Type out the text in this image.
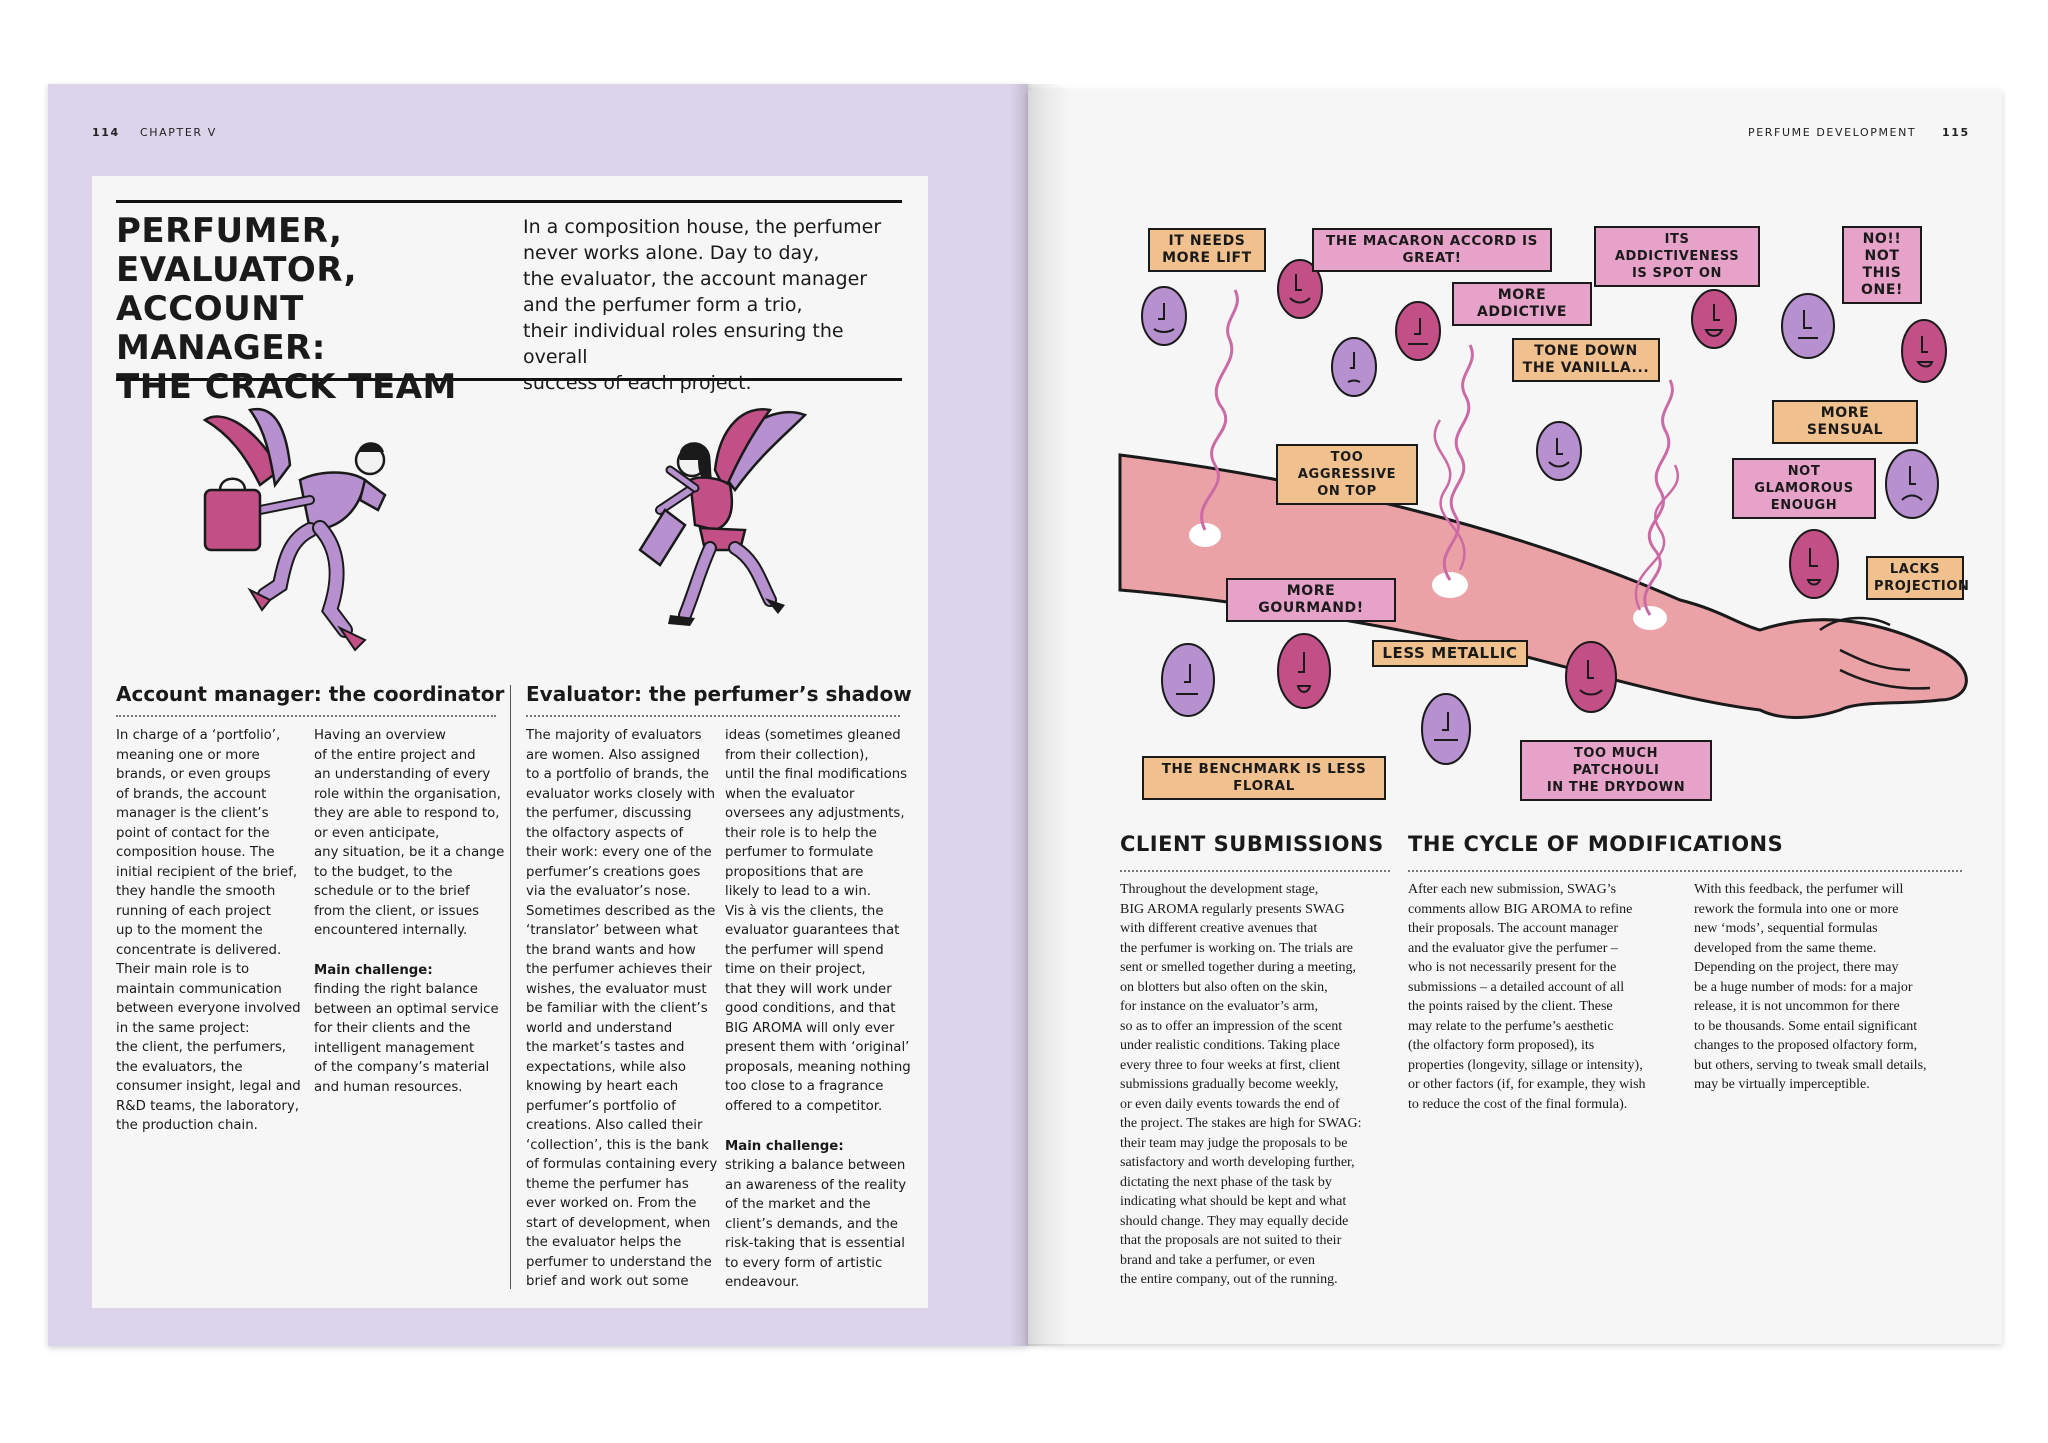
114 CHAPTER V
PERFUMER,
EVALUATOR,
ACCOUNT MANAGER:
THE CRACK TEAM
In a composition house, the perfumer
never works alone. Day to day,
the evaluator, the account manager
and the perfumer form a trio,
their individual roles ensuring the overall
success of each project.
Account manager: the coordinator
In charge of a ‘portfolio’,
meaning one or more
brands, or even groups
of brands, the account
manager is the client’s
point of contact for the
composition house. The
initial recipient of the brief,
they handle the smooth
running of each project
up to the moment the
concentrate is delivered.
Their main role is to
maintain communication
between everyone involved
in the same project:
the client, the perfumers,
the evaluators, the
consumer insight, legal and
R&D teams, the laboratory,
the production chain.
Having an overview
of the entire project and
an understanding of every
role within the organisation,
they are able to respond to,
or even anticipate,
any situation, be it a change
to the budget, to the
schedule or to the brief
from the client, or issues
encountered internally.
Main challenge:
finding the right balance
between an optimal service
for their clients and the
intelligent management
of the company’s material
and human resources.
Evaluator: the perfumer’s shadow
The majority of evaluators
are women. Also assigned
to a portfolio of brands, the
evaluator works closely with
the perfumer, discussing
the olfactory aspects of
their work: every one of the
perfumer’s creations goes
via the evaluator’s nose.
Sometimes described as the
‘translator’ between what
the brand wants and how
the perfumer achieves their
wishes, the evaluator must
be familiar with the client’s
world and understand
the market’s tastes and
expectations, while also
knowing by heart each
perfumer’s portfolio of
creations. Also called their
‘collection’, this is the bank
of formulas containing every
theme the perfumer has
ever worked on. From the
start of development, when
the evaluator helps the
perfumer to understand the
brief and work out some
ideas (sometimes gleaned
from their collection),
until the final modifications
when the evaluator
oversees any adjustments,
their role is to help the
perfumer to formulate
propositions that are
likely to lead to a win.
Vis à vis the clients, the
evaluator guarantees that
the perfumer will spend
time on their project,
that they will work under
good conditions, and that
BIG AROMA will only ever
present them with ‘original’
proposals, meaning nothing
too close to a fragrance
offered to a competitor.
Main challenge:
striking a balance between
an awareness of the reality
of the market and the
client’s demands, and the
risk-taking that is essential
to every form of artistic
endeavour.
PERFUME DEVELOPMENT 115
IT NEEDS
MORE LIFT
THE MACARON ACCORD IS GREAT!
ITS ADDICTIVENESS
IS SPOT ON
NO!!
NOT THIS
ONE!
MORE ADDICTIVE
TONE DOWN
THE VANILLA...
MORE SENSUAL
TOO AGGRESSIVE
ON TOP
NOT GLAMOROUS
ENOUGH
LACKS
PROJECTION
MORE GOURMAND!
LESS METALLIC
THE BENCHMARK IS LESS FLORAL
TOO MUCH PATCHOULI
IN THE DRYDOWN
CLIENT SUBMISSIONS
Throughout the development stage,
BIG AROMA regularly presents SWAG
with different creative avenues that
the perfumer is working on. The trials are
sent or smelled together during a meeting,
on blotters but also often on the skin,
for instance on the evaluator’s arm,
so as to offer an impression of the scent
under realistic conditions. Taking place
every three to four weeks at first, client
submissions gradually become weekly,
or even daily events towards the end of
the project. The stakes are high for SWAG:
their team may judge the proposals to be
satisfactory and worth developing further,
dictating the next phase of the task by
indicating what should be kept and what
should change. They may equally decide
that the proposals are not suited to their
brand and take a perfumer, or even
the entire company, out of the running.
THE CYCLE OF MODIFICATIONS
After each new submission, SWAG’s
comments allow BIG AROMA to refine
their proposals. The account manager
and the evaluator give the perfumer –
who is not necessarily present for the
submissions – a detailed account of all
the points raised by the client. These
may relate to the perfume’s aesthetic
(the olfactory form proposed), its
properties (longevity, sillage or intensity),
or other factors (if, for example, they wish
to reduce the cost of the final formula).
With this feedback, the perfumer will
rework the formula into one or more
new ‘mods’, sequential formulas
developed from the same theme.
Depending on the project, there may
be a huge number of mods: for a major
release, it is not uncommon for there
to be thousands. Some entail significant
changes to the proposed olfactory form,
but others, serving to tweak small details,
may be virtually imperceptible.
